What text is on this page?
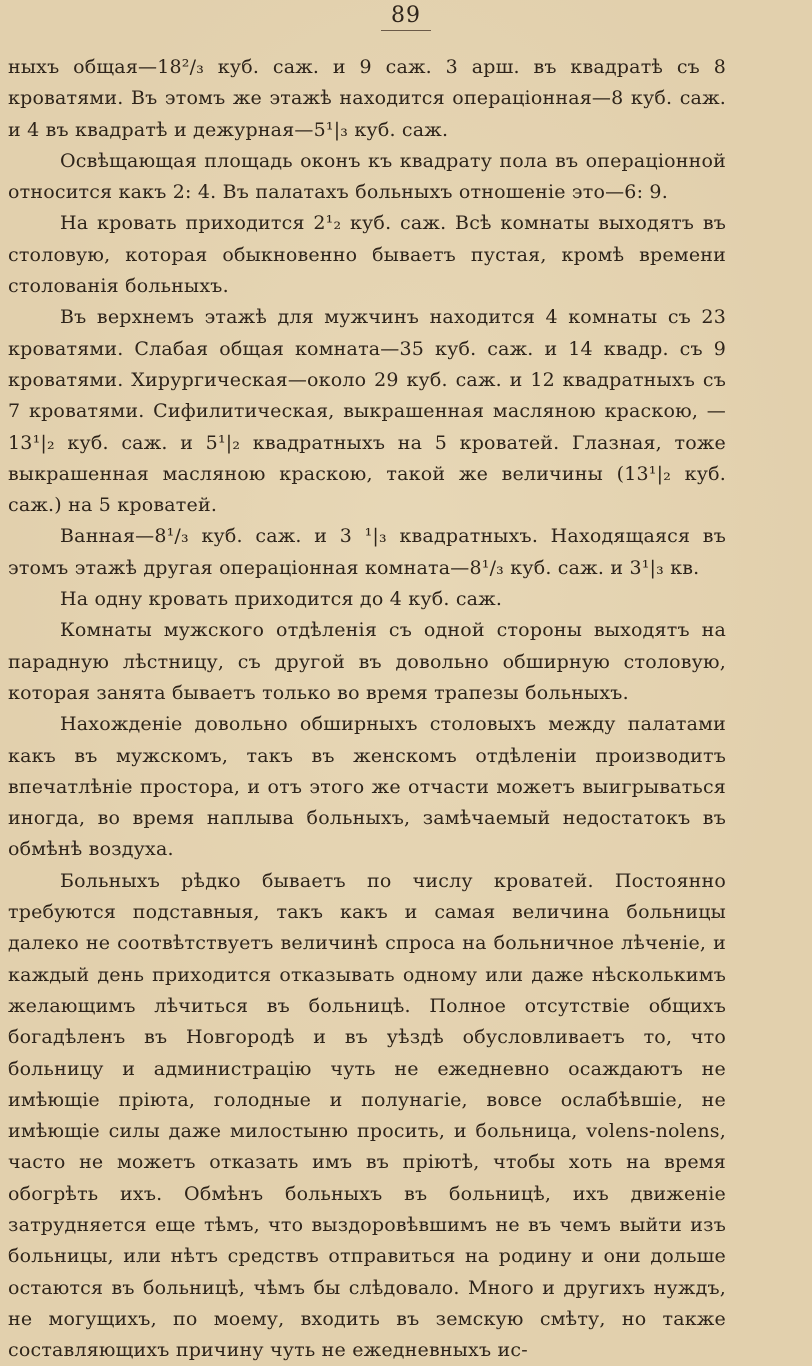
89

ныхъ общая—18²/₃ куб. саж. и 9 саж. 3 арш. въ квадратѣ съ 8 кроватями. Въ этомъ же этажѣ находится операціонная—8 куб. саж. и 4 въ квадратѣ и дежурная—5¹|₃ куб. саж.

Освѣщающая площадь оконъ къ квадрату пола въ операціонной относится какъ 2: 4. Въ палатахъ больныхъ отношеніе это—6: 9.

На кровать приходится 2¹₂ куб. саж. Всѣ комнаты выходятъ въ столовую, которая обыкновенно бываетъ пустая, кромѣ времени столованія больныхъ.

Въ верхнемъ этажѣ для мужчинъ находится 4 комнаты съ 23 кроватями. Слабая общая комната—35 куб. саж. и 14 квадр. съ 9 кроватями. Хирургическая—около 29 куб. саж. и 12 квадратныхъ съ 7 кроватями. Сифилитическая, выкрашенная масляною краскою, —13¹|₂ куб. саж. и 5¹|₂ квадратныхъ на 5 кроватей. Глазная, тоже выкрашенная масляною краскою, такой же величины (13¹|₂ куб. саж.) на 5 кроватей.

Ванная—8¹/₃ куб. саж. и 3 ¹|₃ квадратныхъ. Находящаяся въ этомъ этажѣ другая операціонная комната—8¹/₃ куб. саж. и 3¹|₃ кв.

На одну кровать приходится до 4 куб. саж.

Комнаты мужского отдѣленія съ одной стороны выходятъ на парадную лѣстницу, съ другой въ довольно обширную столовую, которая занята бываетъ только во время трапезы больныхъ.

Нахожденіе довольно обширныхъ столовыхъ между палатами какъ въ мужскомъ, такъ въ женскомъ отдѣленіи производитъ впечатлѣніе простора, и отъ этого же отчасти можетъ выигрываться иногда, во время наплыва больныхъ, замѣчаемый недостатокъ въ обмѣнѣ воздуха.

Больныхъ рѣдко бываетъ по числу кроватей. Постоянно требуются подставныя, такъ какъ и самая величина больницы далеко не соотвѣтствуетъ величинѣ спроса на больничное лѣченіе, и каждый день приходится отказывать одному или даже нѣсколькимъ желающимъ лѣчиться въ больницѣ. Полное отсутствіе общихъ богадѣленъ въ Новгородѣ и въ уѣздѣ обусловливаетъ то, что больницу и администрацію чуть не ежедневно осаждаютъ не имѣющіе пріюта, голодные и полунагіе, вовсе ослабѣвшіе, не имѣющіе силы даже милостыню просить, и больница, volens-nolens, часто не можетъ отказать имъ въ пріютѣ, чтобы хоть на время обогрѣть ихъ. Обмѣнъ больныхъ въ больницѣ, ихъ движеніе затрудняется еще тѣмъ, что выздоровѣвшимъ не въ чемъ выйти изъ больницы, или нѣтъ средствъ отправиться на родину и они дольше остаются въ больницѣ, чѣмъ бы слѣдовало. Много и другихъ нуждъ, не могущихъ, по моему, входить въ земскую смѣту, но также составляющихъ причину чуть не ежедневныхъ ис-
